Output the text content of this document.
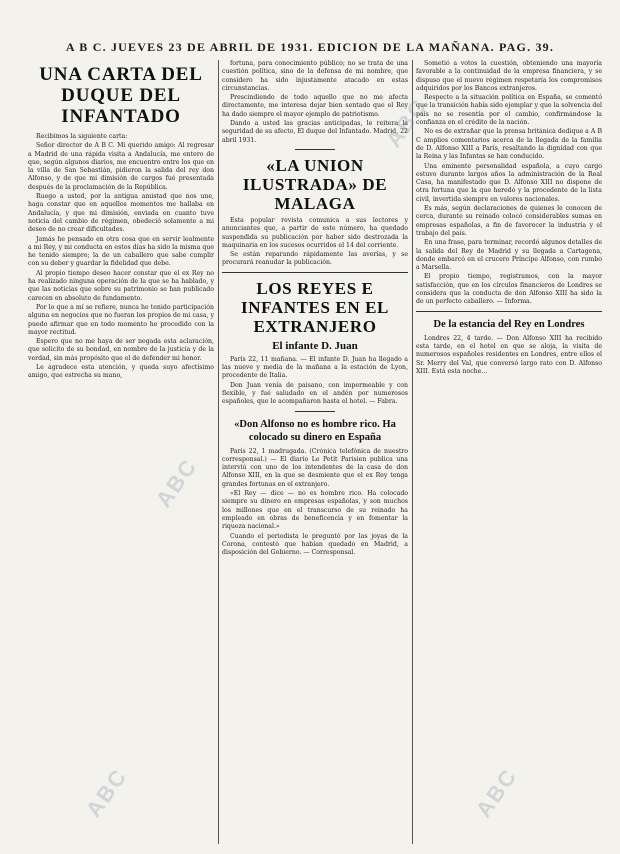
A B C. JUEVES 23 DE ABRIL DE 1931. EDICION DE LA MAÑANA. PAG. 39.
UNA CARTA DEL DUQUE DEL INFANTADO

Recibimos la siguiente carta:

Señor director de A B C. Mi querido amigo: Al regresar a Madrid de una rápida visita a Andalucía, me entero de que, según algunos diarios, me encuentro entre los que en la villa de San Sebastián, pidieron la salida del rey don Alfonso, y de que mi dimisión de cargos fué presentada después de la proclamación de la República.

Ruego a usted, por la antigua amistad que nos une, haga constar que en aquellos momentos me hallaba en Andalucía, y que mi dimisión, enviada en cuanto tuve noticia del cambio de régimen, obedeció solamente a mi deseo de no crear dificultades.

Jamás he pensado en otra cosa que en servir lealmente a mi Rey, y mi conducta en estos días ha sido la misma que he tenido siempre; la de un caballero que sabe cumplir con su deber y guardar la fidelidad que debe.

Al propio tiempo deseo hacer constar que el ex Rey no ha realizado ninguna operación de la que se ha hablado, y que las noticias que sobre su patrimonio se han publicado carecen en absoluto de fundamento.

Por lo que a mí se refiere, nunca he tenido participación alguna en negocios que no fueran los propios de mi casa, y puedo afirmar que en todo momento he procedido con la mayor rectitud.

Espero que no me haya de ser negada esta aclaración, que solicito de su bondad, en nombre de la justicia y de la verdad, sin más propósito que el de defender mi honor.

Le agradece esta atención, y queda suyo afectísimo amigo, que estrecha su mano,

fortuna, para conocimiento público; no se trata de una cuestión política, sino de la defensa de mi nombre, que considero ha sido injustamente atacado en estas circunstancias.

Prescindiendo de todo aquello que no me afecta directamente, me interesa dejar bien sentado que el Rey ha dado siempre el mayor ejemplo de patriotismo.

Dando a usted las gracias anticipadas, le reitera la seguridad de su afecto, El duque del Infantado. Madrid, 22 abril 1931.

«LA UNION ILUSTRADA» DE MALAGA

Esta popular revista comunica a sus lectores y anunciantes que, a partir de este número, ha quedado suspendida su publicación por haber sido destrozada la maquinaria en los sucesos ocurridos el 14 del corriente.

Se están reparando rápidamente las averías, y se procurará reanudar la publicación.

LOS REYES E INFANTES EN EL EXTRANJERO
El infante D. Juan

París 22, 11 mañana. — El infante D. Juan ha llegado a las nueve y media de la mañana a la estación de Lyon, procedente de Italia.

Don Juan venía de paisano, con impermeable y con flexible, y fué saludado en el andén por numerosos españoles, que le acompañaron hasta el hotel. — Fabra.

«Don Alfonso no es hombre rico. Ha colocado su dinero en España

París 22, 1 madrugada. (Crónica telefónica de nuestro corresponsal.) — El diario Le Petit Parisien publica una interviú con uno de los intendentes de la casa de don Alfonso XIII, en la que se desmiente que el ex Rey tenga grandes fortunas en el extranjero.

«El Rey — dice — no es hombre rico. Ha colocado siempre su dinero en empresas españolas, y son muchos los millones que en el transcurso de su reinado ha empleado en obras de beneficencia y en fomentar la riqueza nacional.»

Cuando el periodista le preguntó por las joyas de la Corona, contestó que habían quedado en Madrid, a disposición del Gobierno. — Corresponsal.

Sometió a votos la cuestión, obteniendo una mayoría favorable a la continuidad de la empresa financiera, y se dispuso que el nuevo régimen respetaría los compromisos adquiridos por los Bancos extranjeros.

Respecto a la situación política en España, se comentó que la transición había sido ejemplar y que la solvencia del país no se resentía por el cambio, confirmándose la confianza en el crédito de la nación.

No es de extrañar que la prensa británica dedique a A B C amplios comentarios acerca de la llegada de la familia de D. Alfonso XIII a París, resaltando la dignidad con que la Reina y las Infantas se han conducido.

Una eminente personalidad española, a cuyo cargo estuvo durante largos años la administración de la Real Casa, ha manifestado que D. Alfonso XIII no dispone de otra fortuna que la que heredó y la procedente de la lista civil, invertida siempre en valores nacionales.

Es más, según declaraciones de quienes le conocen de cerca, durante su reinado colocó considerables sumas en empresas españolas, a fin de favorecer la industria y el trabajo del país.

En una frase, para terminar, recordó algunos detalles de la salida del Rey de Madrid y su llegada a Cartagena, donde embarcó en el crucero Príncipe Alfonso, con rumbo a Marsella.

El propio tiempo, registramos, con la mayor satisfacción, que en los círculos financieros de Londres se considera que la conducta de don Alfonso XIII ha sido la de un perfecto caballero. — Informa.

De la estancia del Rey en Londres

Londres 22, 4 tarde. — Don Alfonso XIII ha recibido esta tarde, en el hotel en que se aloja, la visita de numerosos españoles residentes en Londres, entre ellos el Sr. Merry del Val, que conversó largo rato con D. Alfonso XIII. Está esta noche...

ABC
ABC
ABC	ABC
